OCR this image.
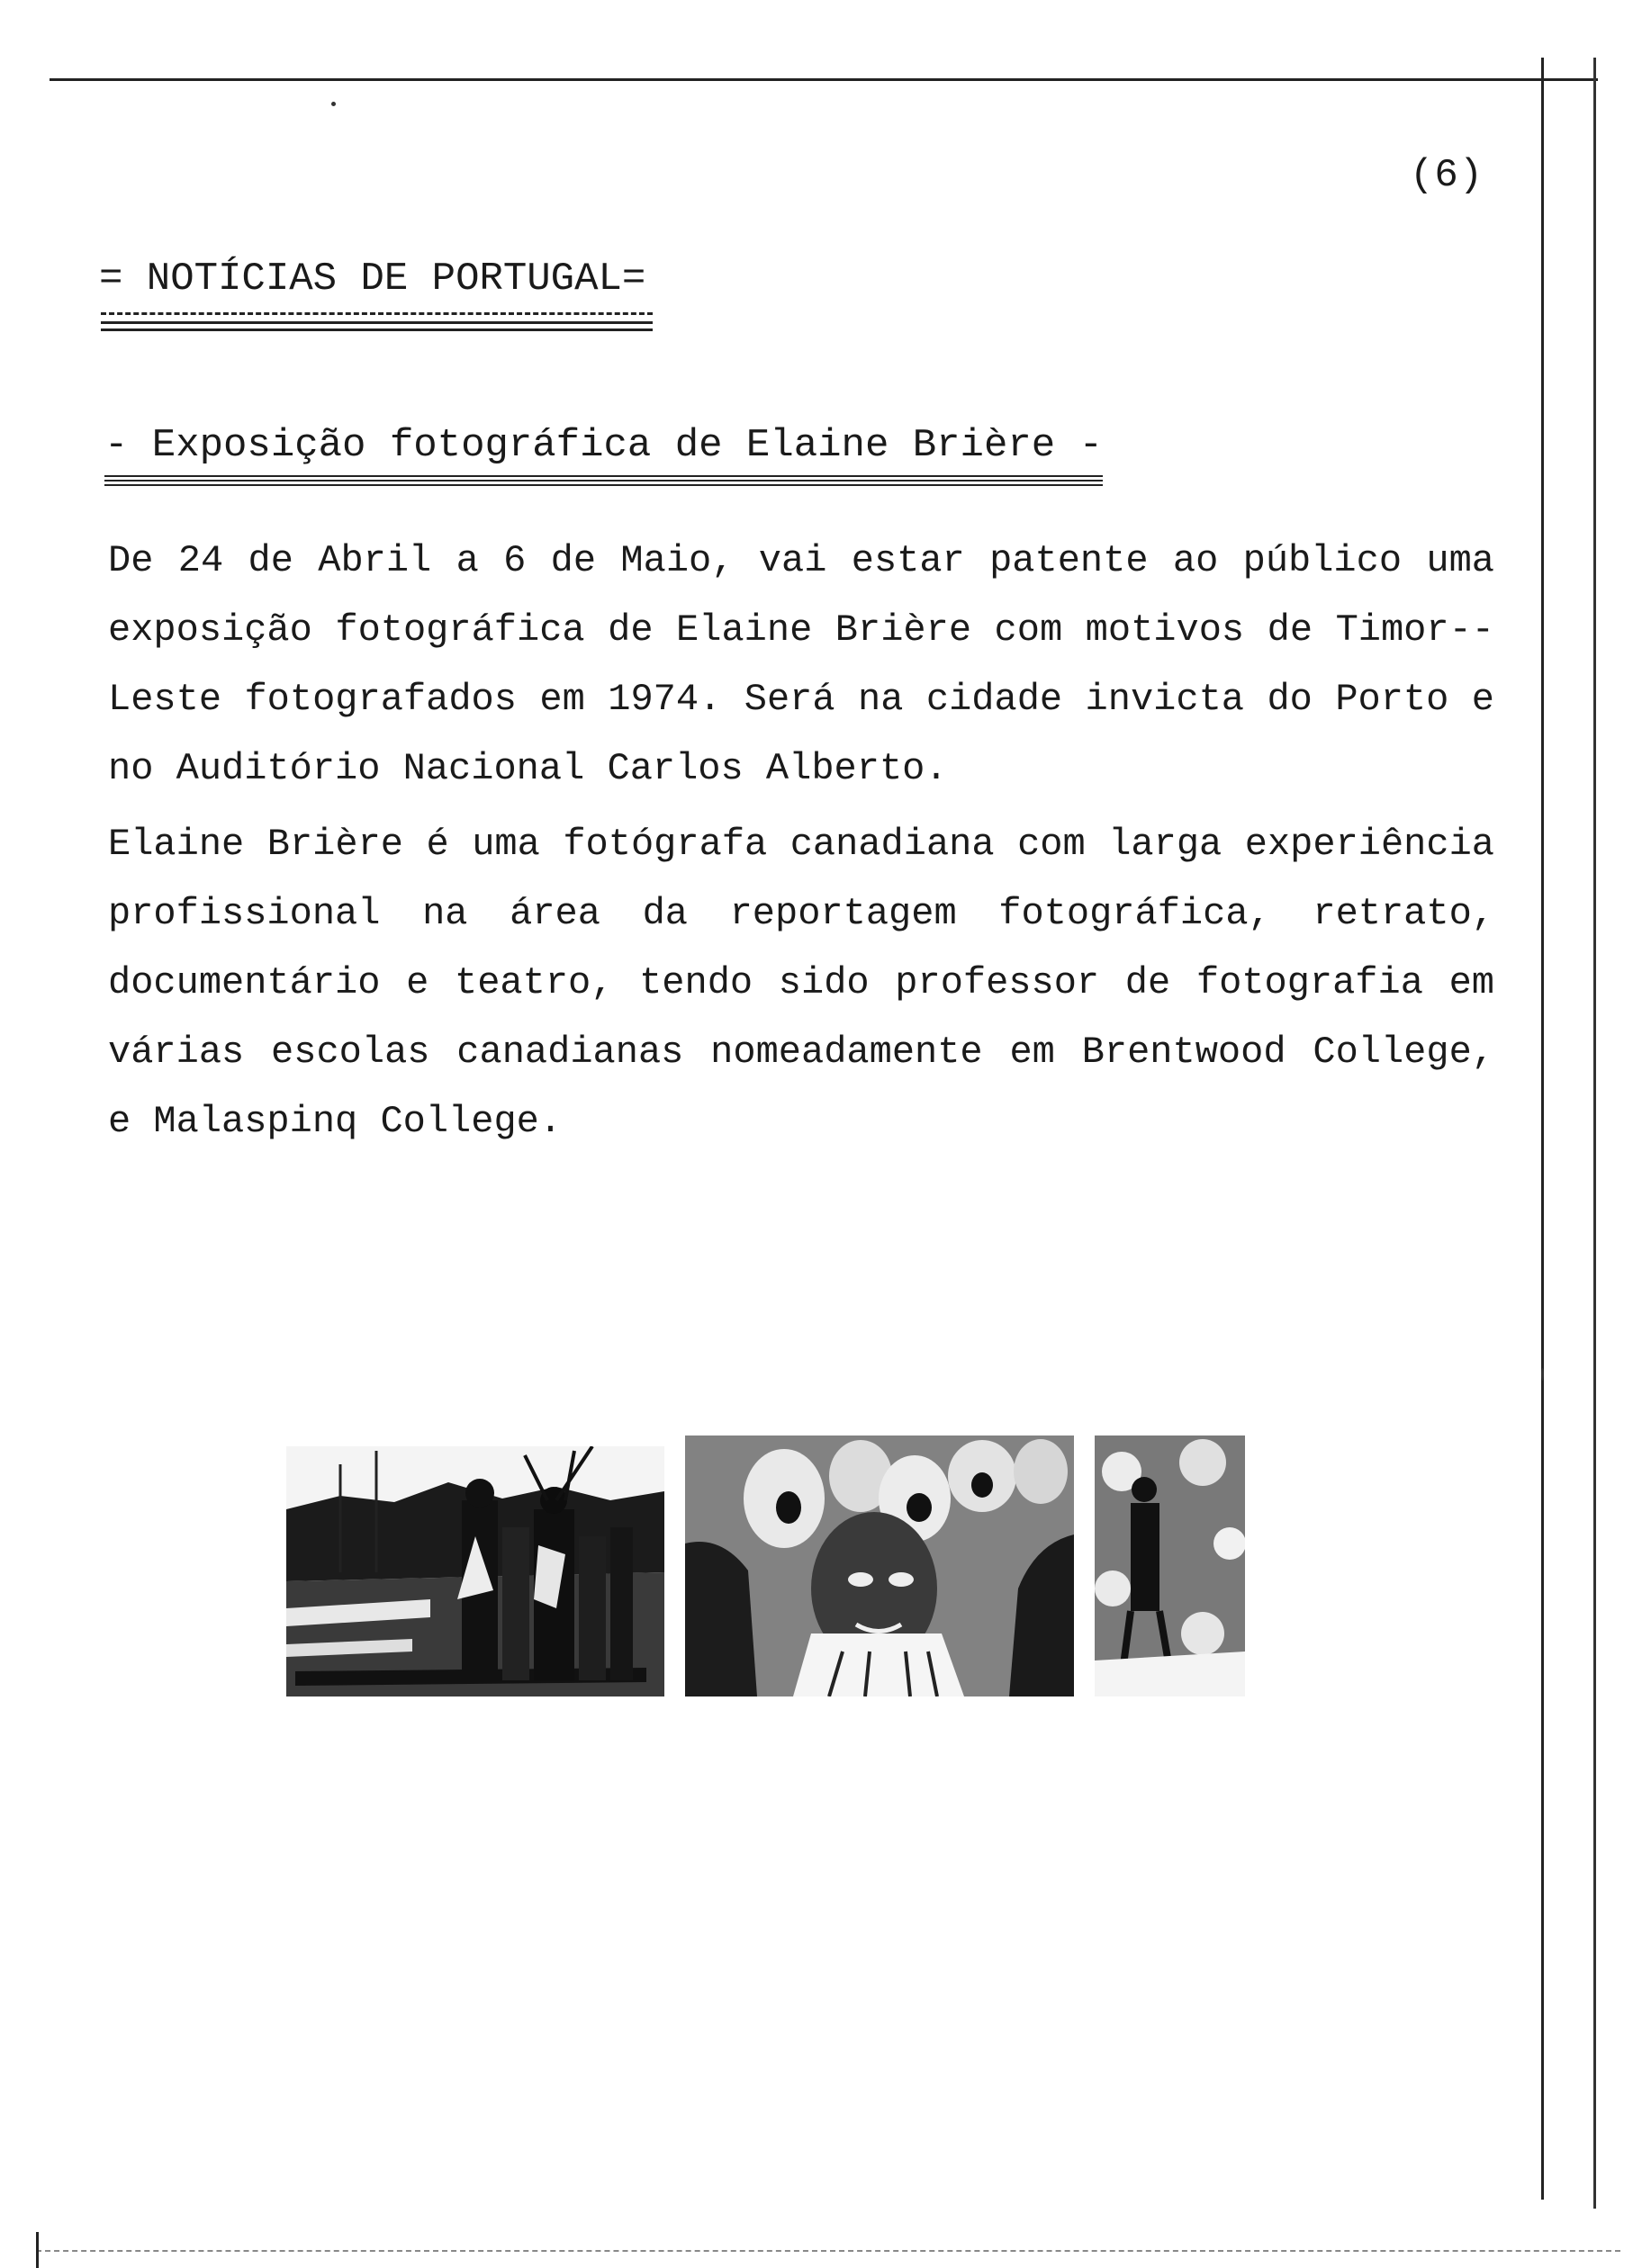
(6)
= NOTÍCIAS DE PORTUGAL=
- Exposição fotográfica de Elaine Brière -

De 24 de Abril a 6 de Maio, vai estar patente ao público uma exposição fotográfica de Elaine Brière com motivos de Timor--Leste fotografados em 1974. Será na cidade invicta do Porto e no Auditório Nacional Carlos Alberto.

Elaine Brière é uma fotógrafa canadiana com larga experiência profissional na área da reportagem fotográfica, retrato, documentário e teatro, tendo sido professor de fotografia em várias escolas canadianas nomeadamente em Brentwood College, e Malaspinq College.
